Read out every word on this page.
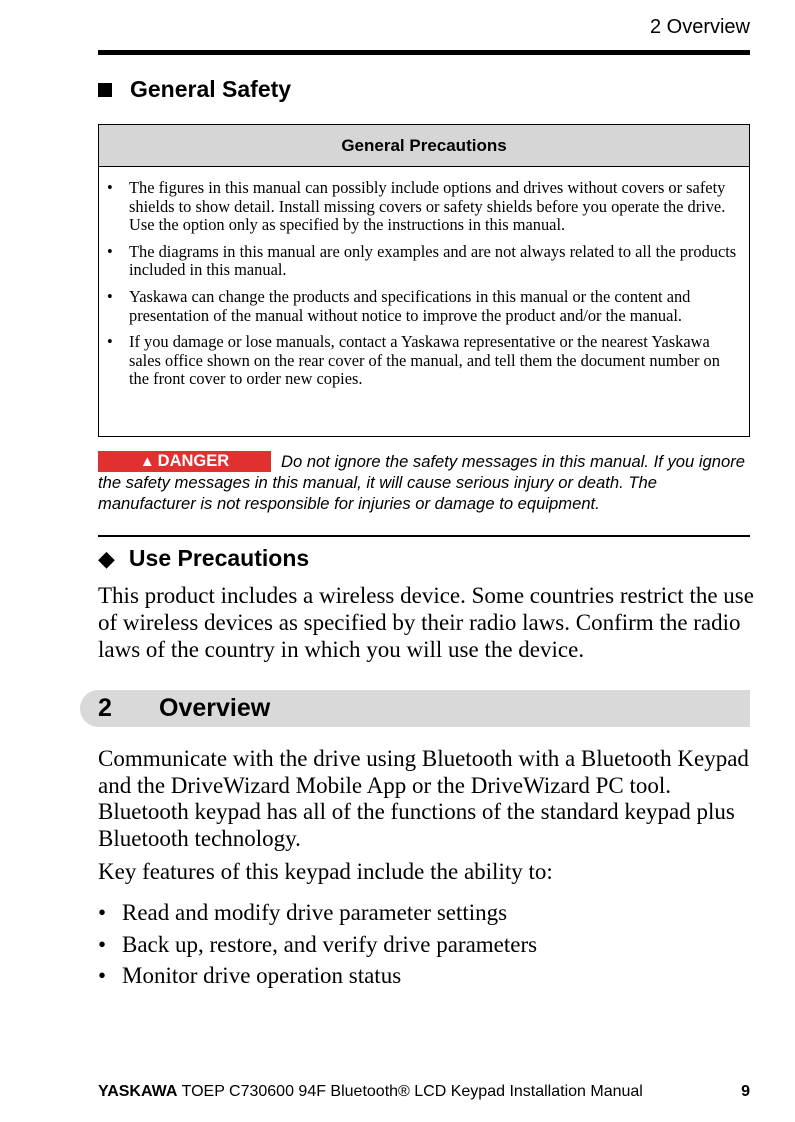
2 Overview
General Safety
General Precautions
• The figures in this manual can possibly include options and drives without covers or safety shields to show detail. Install missing covers or safety shields before you operate the drive. Use the option only as specified by the instructions in this manual.
• The diagrams in this manual are only examples and are not always related to all the products included in this manual.
• Yaskawa can change the products and specifications in this manual or the content and presentation of the manual without notice to improve the product and/or the manual.
• If you damage or lose manuals, contact a Yaskawa representative or the nearest Yaskawa sales office shown on the rear cover of the manual, and tell them the document number on the front cover to order new copies.
▲ DANGER	Do not ignore the safety messages in this manual. If you ignore the safety messages in this manual, it will cause serious injury or death. The manufacturer is not responsible for injuries or damage to equipment.
◆ Use Precautions
This product includes a wireless device. Some countries restrict the use of wireless devices as specified by their radio laws. Confirm the radio laws of the country in which you will use the device.
2 Overview
Communicate with the drive using Bluetooth with a Bluetooth Keypad and the DriveWizard Mobile App or the DriveWizard PC tool. Bluetooth keypad has all of the functions of the standard keypad plus Bluetooth technology.
Key features of this keypad include the ability to:
• Read and modify drive parameter settings
• Back up, restore, and verify drive parameters
• Monitor drive operation status
YASKAWA TOEP C730600 94F Bluetooth® LCD Keypad Installation Manual	9
